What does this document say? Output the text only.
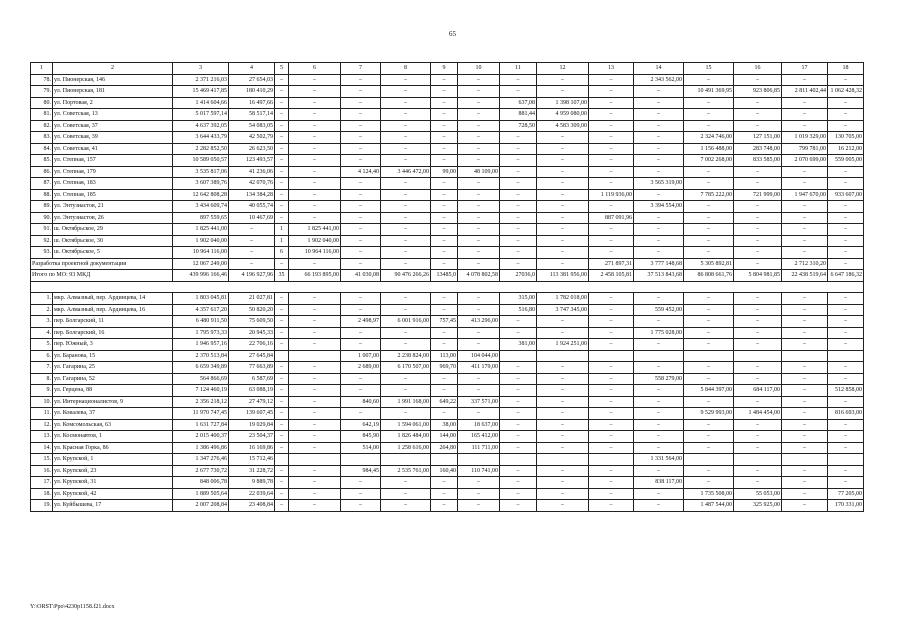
65
1	2	3	4	5	6	7	8	9	10	11	12	13	14	15	16	17	18
78.	ул. Пионерская, 146	2 371 216,03	27 654,03	–	–	–	–	–	–	–	–	–	2 343 562,00	–	–	–	–
79.	ул. Пионерская, 181	15 469 417,85	180 410,29	–	–	–	–	–	–	–	–	–	–	10 491 369,95	923 806,85	2 811 402,44	1 062 428,32
80.	ул. Портовая, 2	1 414 604,66	16 497,66	–	–	–	–	–	–	637,08	1 398 107,00	–	–	–	–	–	–
81.	ул. Советская, 13	5 017 597,14	58 517,14	–	–	–	–	–	–	881,44	4 959 080,00	–	–	–	–	–	–
82.	ул. Советская, 37	4 637 392,05	54 083,05	–	–	–	–	–	–	728,50	4 583 309,00	–	–	–	–	–	–
83.	ул. Советская, 39	3 644 433,79	42 502,79	–	–	–	–	–	–	–	–	–	–	2 324 746,00	127 151,00	1 019 329,00	130 705,00
84.	ул. Советская, 41	2 282 852,50	26 623,50	–	–	–	–	–	–	–	–	–	–	1 156 488,00	283 748,00	799 781,00	16 212,00
85.	ул. Степная, 157	10 589 050,57	123 493,57	–	–	–	–	–	–	–	–	–	–	7 002 268,00	833 585,00	2 070 699,00	559 005,00
86.	ул. Степная, 179	3 535 817,06	41 236,06	–	–	4 124,40	3 446 472,00	99,00	48 109,00	–	–	–	–	–	–	–	–
87.	ул. Степная, 183	3 607 389,76	42 070,76	–	–	–	–	–	–	–	–	–	3 565 319,00	–	–	–	–
88.	ул. Степная, 185	12 642 808,28	134 384,28	–	–	–	–	–	–	–	–	1 119 936,00	–	7 785 222,00	721 999,00	1 947 670,00	933 607,00
89.	ул. Энтузиастов, 21	3 434 609,74	40 055,74	–	–	–	–	–	–	–	–	–	3 394 554,00	–	–	–	–
90.	ул. Энтузиастов, 26	897 559,65	10 467,69	–	–	–	–	–	–	–	–	887 091,96	–	–	–	–	–
91.	ш. Октябрьское, 29	1 825 441,00	–	1	1 825 441,00	–	–	–	–	–	–	–	–	–	–	–	–
92.	ш. Октябрьское, 30	1 902 040,00	–	1	1 902 040,00	–	–	–	–	–	–	–	–	–	–	–	–
93.	ш. Октябрьское, 5	10 964 116,00	–	6	10 964 116,00	–	–	–	–	–	–	–	–	–	–	–	–
Разработка проектной документации		12 067 249,00	–	–	–	–	–	–	–	–	–	271 897,31	3 777 148,68	5 305 892,81	–	2 712 310,20	–
Итого по МО: 93 МКД		439 996 166,46	4 196 927,96	35	66 193 895,00	41 030,08	90 476 266,26	13485,0	4 078 802,58	27036,0	113 381 956,00	2 458 105,81	37 513 843,68	86 808 661,76	5 804 981,85	22 438 519,64	6 647 186,32

1.	мкр. Алмазный, пер. Ардинцева, 14	1 803 045,81	21 027,81	–	–	–	–	–	–	315,00	1 782 018,00	–	–	–	–	–	–
2.	мкр. Алмазный, пер. Ардинцева, 16	4 357 617,20	50 820,20	–	–	–	–	–	–	516,80	3 747 345,00	–	559 452,00	–	–	–	–
3.	пер. Болгарский, 11	6 480 911,50	75 609,50	–	–	2 498,97	6 001 916,00	757,45	413 296,00	–	–	–	–	–	–	–	–
4.	пер. Болгарский, 16	1 795 973,33	20 945,33	–	–	–	–	–	–	–	–	–	1 775 028,00	–	–	–	–
5.	пер. Южный, 3	1 946 957,16	22 706,16	–	–	–	–	–	–	381,00	1 924 251,00	–	–	–	–	–	–
6.	ул. Баранова, 15	2 370 513,84	27 645,84			1 007,00	2 238 824,00	113,00	104 044,00								
7.	ул. Гагарина, 25	6 659 349,89	77 663,89	–	–	2 689,00	6 170 507,00	969,70	411 179,00	–	–	–	–	–	–	–	–
8.	ул. Гагарина, 52	564 866,69	6 587,69	–	–	–	–	–	–	–	–	–	558 279,00	–	–	–	–
9.	ул. Герцена, 88	7 124 460,19	63 088,19	–	–	–	–	–	–	–	–	–	–	5 844 397,00	684 117,00	–	512 858,00
10.	ул. Интернационалистов, 9	2 356 218,12	27 479,12	–	–	840,60	1 991 168,00	649,22	337 571,00	–	–	–	–	–	–	–	–
11.	ул. Ковалева, 37	11 970 747,45	139 607,45	–	–	–	–	–	–	–	–	–	–	9 529 993,00	1 484 454,00	–	816 693,00
12.	ул. Комсомольская, 63	1 631 727,84	19 029,84	–	–	642,19	1 594 061,00	38,00	18 637,00	–	–	–	–	–	–	–	–
13.	ул. Космонавтов, 1	2 015 400,37	23 504,37	–	–	845,90	1 826 484,00	144,00	165 412,00	–	–	–	–	–	–	–	–
14.	ул. Красная Горка, 86	1 386 496,86	16 169,86	–	–	514,00	1 258 616,00	264,80	111 711,00	–	–	–	–	–	–	–	–
15.	ул. Крупской, 1	1 347 276,46	15 712,46										1 331 564,00				
16.	ул. Крупской, 23	2 677 730,72	31 228,72	–	–	984,45	2 535 761,00	160,40	110 741,00	–	–	–	–	–	–	–	–
17.	ул. Крупской, 31	848 006,78	9 889,78	–	–	–	–	–	–	–	–	–	838 117,00	–	–	–	–
18.	ул. Крупской, 42	1 889 505,64	22 039,64	–	–	–	–	–	–	–	–	–	–	1 735 508,00	55 053,00	–	77 205,00
19.	ул. Куйбышева, 17	2 007 208,84	23 408,84	–	–	–	–	–	–	–	–	–	–	1 487 544,00	325 925,00	–	170 331,00
Y:\ORST\Ppo\4230p1158.f21.docx
